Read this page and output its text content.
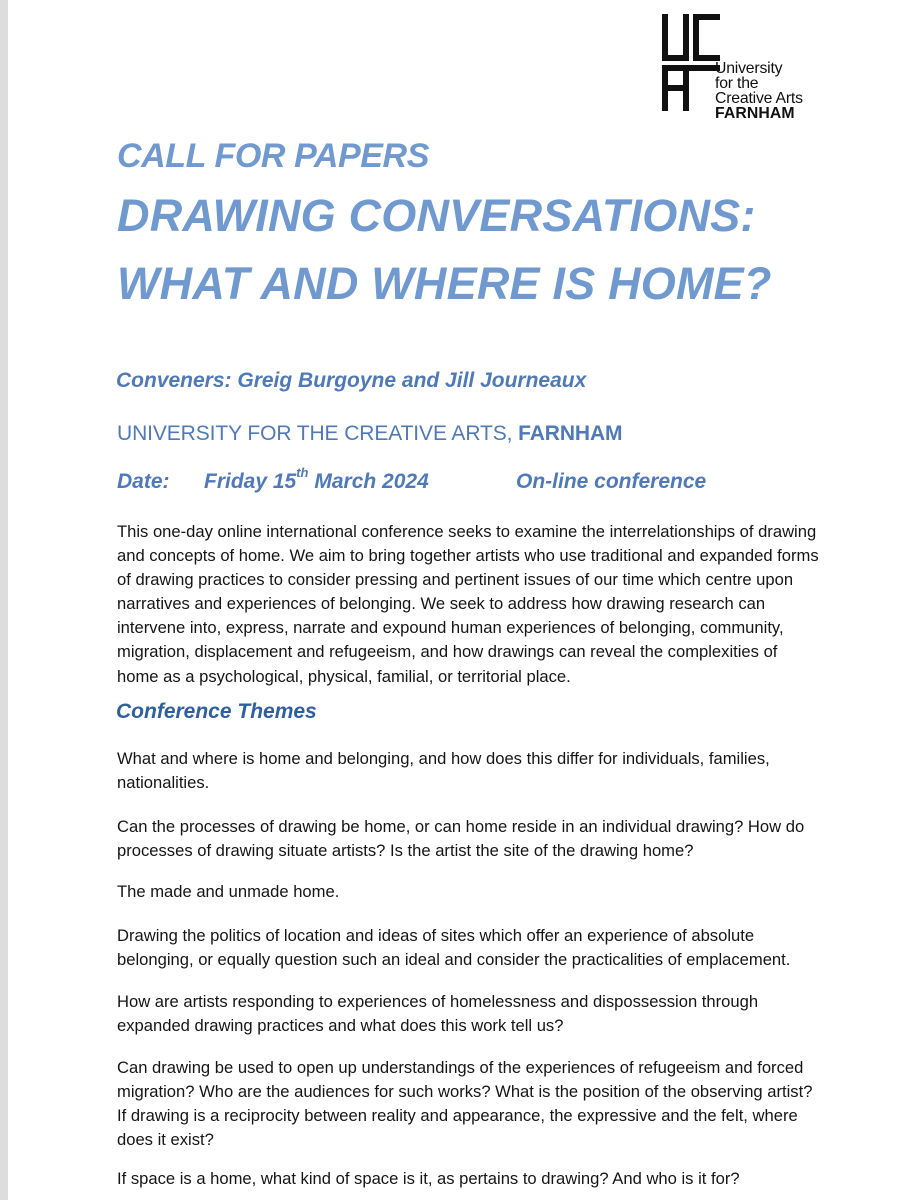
University
for the
Creative Arts
FARNHAM
CALL FOR PAPERS
DRAWING CONVERSATIONS:
WHAT AND WHERE IS HOME?
Conveners: Greig Burgoyne and Jill Journeaux
UNIVERSITY FOR THE CREATIVE ARTS, FARNHAM
Date: Friday 15th March 2024	On-line conference
This one-day online international conference seeks to examine the interrelationships of drawing and concepts of home. We aim to bring together artists who use traditional and expanded forms of drawing practices to consider pressing and pertinent issues of our time which centre upon narratives and experiences of belonging. We seek to address how drawing research can intervene into, express, narrate and expound human experiences of belonging, community, migration, displacement and refugeeism, and how drawings can reveal the complexities of home as a psychological, physical, familial, or territorial place.
Conference Themes
What and where is home and belonging, and how does this differ for individuals, families, nationalities.
Can the processes of drawing be home, or can home reside in an individual drawing? How do processes of drawing situate artists? Is the artist the site of the drawing home?
The made and unmade home.
Drawing the politics of location and ideas of sites which offer an experience of absolute belonging, or equally question such an ideal and consider the practicalities of emplacement.
How are artists responding to experiences of homelessness and dispossession through expanded drawing practices and what does this work tell us?
Can drawing be used to open up understandings of the experiences of refugeeism and forced migration? Who are the audiences for such works? What is the position of the observing artist? If drawing is a reciprocity between reality and appearance, the expressive and the felt, where does it exist?
If space is a home, what kind of space is it, as pertains to drawing? And who is it for?
